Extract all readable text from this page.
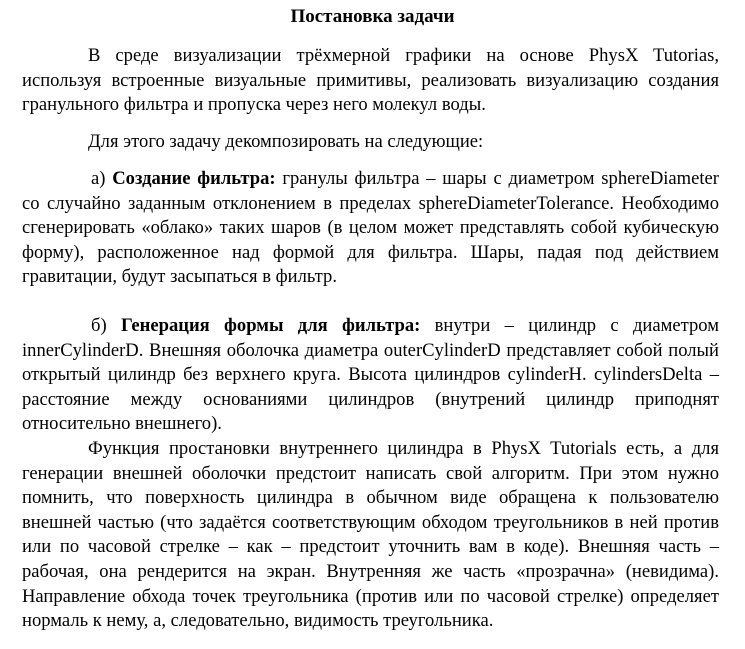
Постановка задачи

В среде визуализации трёхмерной графики на основе PhysX Tutorias, используя встроенные визуальные примитивы, реализовать визуализацию создания гранульного фильтра и пропуска через него молекул воды.

Для этого задачу декомпозировать на следующие:

а) Создание фильтра: гранулы фильтра – шары с диаметром sphereDiameter со случайно заданным отклонением в пределах sphereDiameterTolerance. Необходимо сгенерировать «облако» таких шаров (в целом может представлять собой кубическую форму), расположенное над формой для фильтра. Шары, падая под действием гравитации, будут засыпаться в фильтр.

б) Генерация формы для фильтра: внутри – цилиндр с диаметром innerCylinderD. Внешняя оболочка диаметра outerCylinderD представляет собой полый открытый цилиндр без верхнего круга. Высота цилиндров cylinderH. cylindersDelta – расстояние между основаниями цилиндров (внутрений цилиндр приподнят относительно внешнего).

Функция простановки внутреннего цилиндра в PhysX Tutorials есть, а для генерации внешней оболочки предстоит написать свой алгоритм. При этом нужно помнить, что поверхность цилиндра в обычном виде обращена к пользователю внешней частью (что задаётся соответствующим обходом треугольников в ней против или по часовой стрелке – как – предстоит уточнить вам в коде). Внешняя часть – рабочая, она рендерится на экран. Внутренняя же часть «прозрачна» (невидима). Направление обхода точек треугольника (против или по часовой стрелке) определяет нормаль к нему, а, следовательно, видимость треугольника.
